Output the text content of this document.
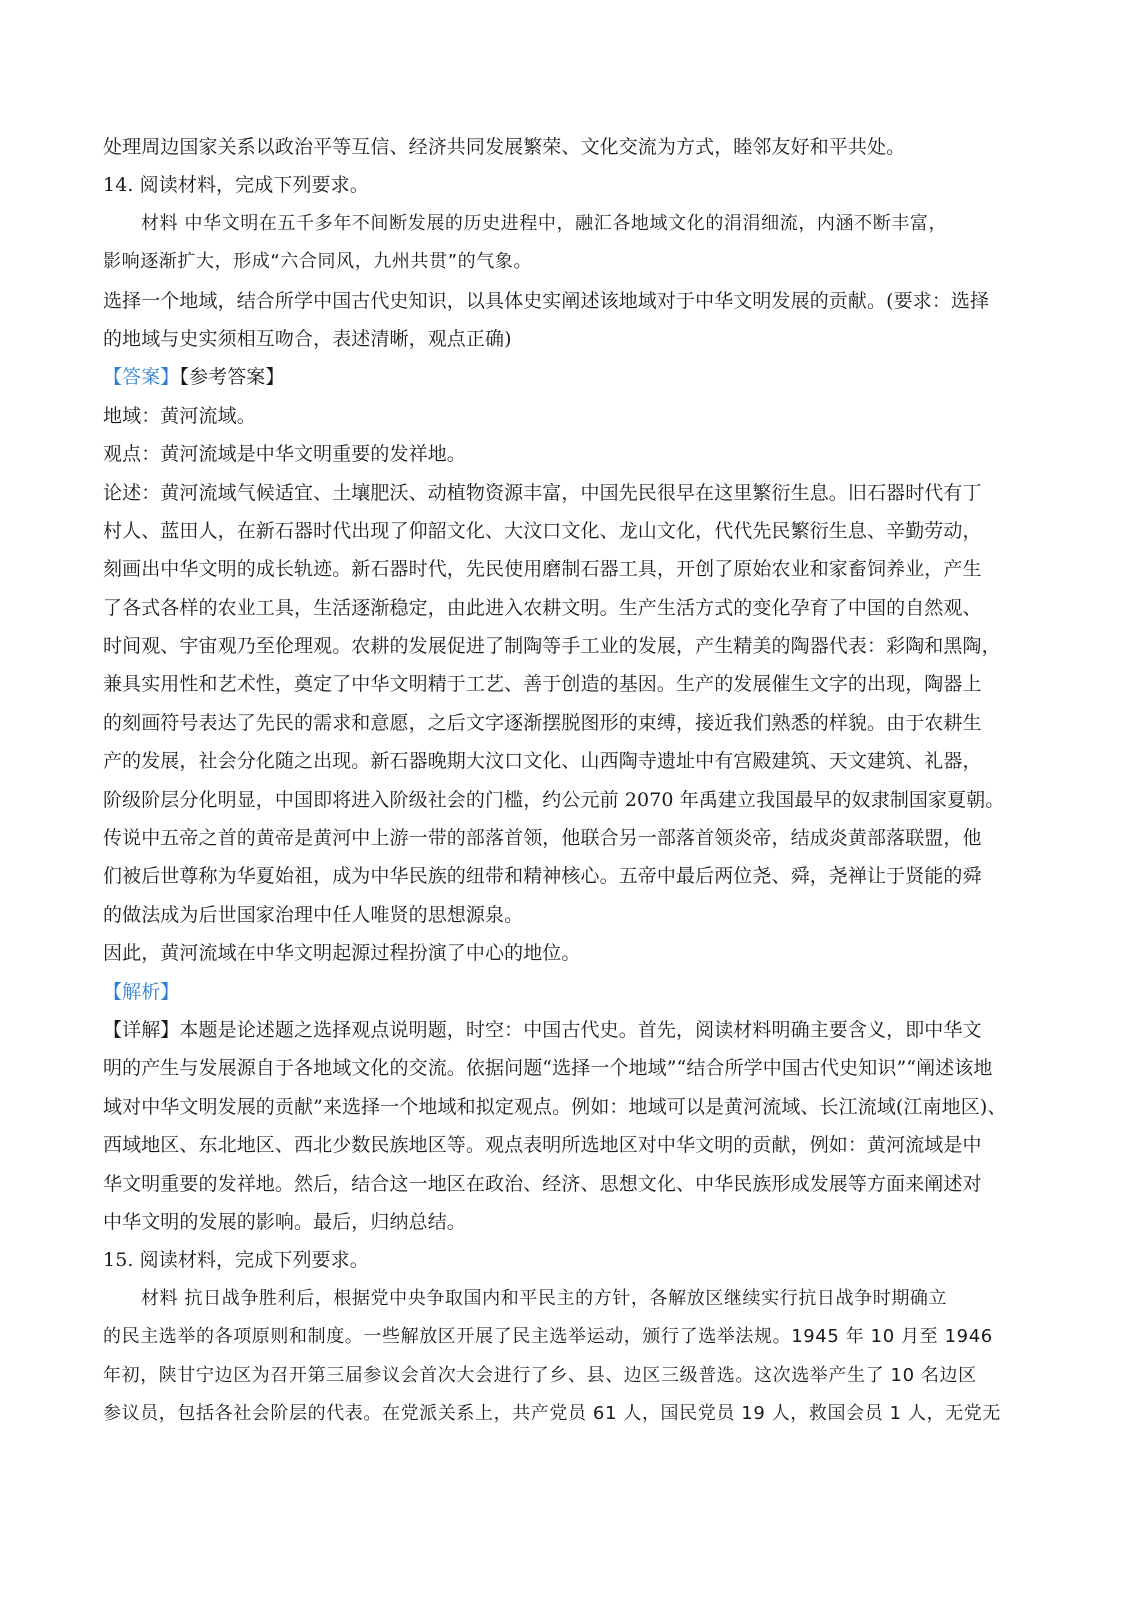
处理周边国家关系以政治平等互信、经济共同发展繁荣、文化交流为方式，睦邻友好和平共处。
14. 阅读材料，完成下列要求。
材料 中华文明在五千多年不间断发展的历史进程中，融汇各地域文化的涓涓细流，内涵不断丰富，
影响逐渐扩大，形成“六合同风，九州共贯”的气象。
选择一个地域，结合所学中国古代史知识，以具体史实阐述该地域对于中华文明发展的贡献。(要求：选择
的地域与史实须相互吻合，表述清晰，观点正确)
【答案】【参考答案】
地域：黄河流域。
观点：黄河流域是中华文明重要的发祥地。
论述：黄河流域气候适宜、土壤肥沃、动植物资源丰富，中国先民很早在这里繁衍生息。旧石器时代有丁
村人、蓝田人，在新石器时代出现了仰韶文化、大汶口文化、龙山文化，代代先民繁衍生息、辛勤劳动，
刻画出中华文明的成长轨迹。新石器时代，先民使用磨制石器工具，开创了原始农业和家畜饲养业，产生
了各式各样的农业工具，生活逐渐稳定，由此进入农耕文明。生产生活方式的变化孕育了中国的自然观、
时间观、宇宙观乃至伦理观。农耕的发展促进了制陶等手工业的发展，产生精美的陶器代表：彩陶和黑陶，
兼具实用性和艺术性，奠定了中华文明精于工艺、善于创造的基因。生产的发展催生文字的出现，陶器上
的刻画符号表达了先民的需求和意愿，之后文字逐渐摆脱图形的束缚，接近我们熟悉的样貌。由于农耕生
产的发展，社会分化随之出现。新石器晚期大汶口文化、山西陶寺遗址中有宫殿建筑、天文建筑、礼器，
阶级阶层分化明显，中国即将进入阶级社会的门槛，约公元前 2070 年禹建立我国最早的奴隶制国家夏朝。
传说中五帝之首的黄帝是黄河中上游一带的部落首领，他联合另一部落首领炎帝，结成炎黄部落联盟，他
们被后世尊称为华夏始祖，成为中华民族的纽带和精神核心。五帝中最后两位尧、舜，尧禅让于贤能的舜
的做法成为后世国家治理中任人唯贤的思想源泉。
因此，黄河流域在中华文明起源过程扮演了中心的地位。
【解析】
【详解】本题是论述题之选择观点说明题，时空：中国古代史。首先，阅读材料明确主要含义，即中华文
明的产生与发展源自于各地域文化的交流。依据问题“选择一个地域”“结合所学中国古代史知识”“阐述该地
域对中华文明发展的贡献”来选择一个地域和拟定观点。例如：地域可以是黄河流域、长江流域(江南地区)、
西域地区、东北地区、西北少数民族地区等。观点表明所选地区对中华文明的贡献，例如：黄河流域是中
华文明重要的发祥地。然后，结合这一地区在政治、经济、思想文化、中华民族形成发展等方面来阐述对
中华文明的发展的影响。最后，归纳总结。
15. 阅读材料，完成下列要求。
材料 抗日战争胜利后，根据党中央争取国内和平民主的方针，各解放区继续实行抗日战争时期确立
的民主选举的各项原则和制度。一些解放区开展了民主选举运动，颁行了选举法规。1945 年 10 月至 1946
年初，陕甘宁边区为召开第三届参议会首次大会进行了乡、县、边区三级普选。这次选举产生了 10 名边区
参议员，包括各社会阶层的代表。在党派关系上，共产党员 61 人，国民党员 19 人，救国会员 1 人，无党无
